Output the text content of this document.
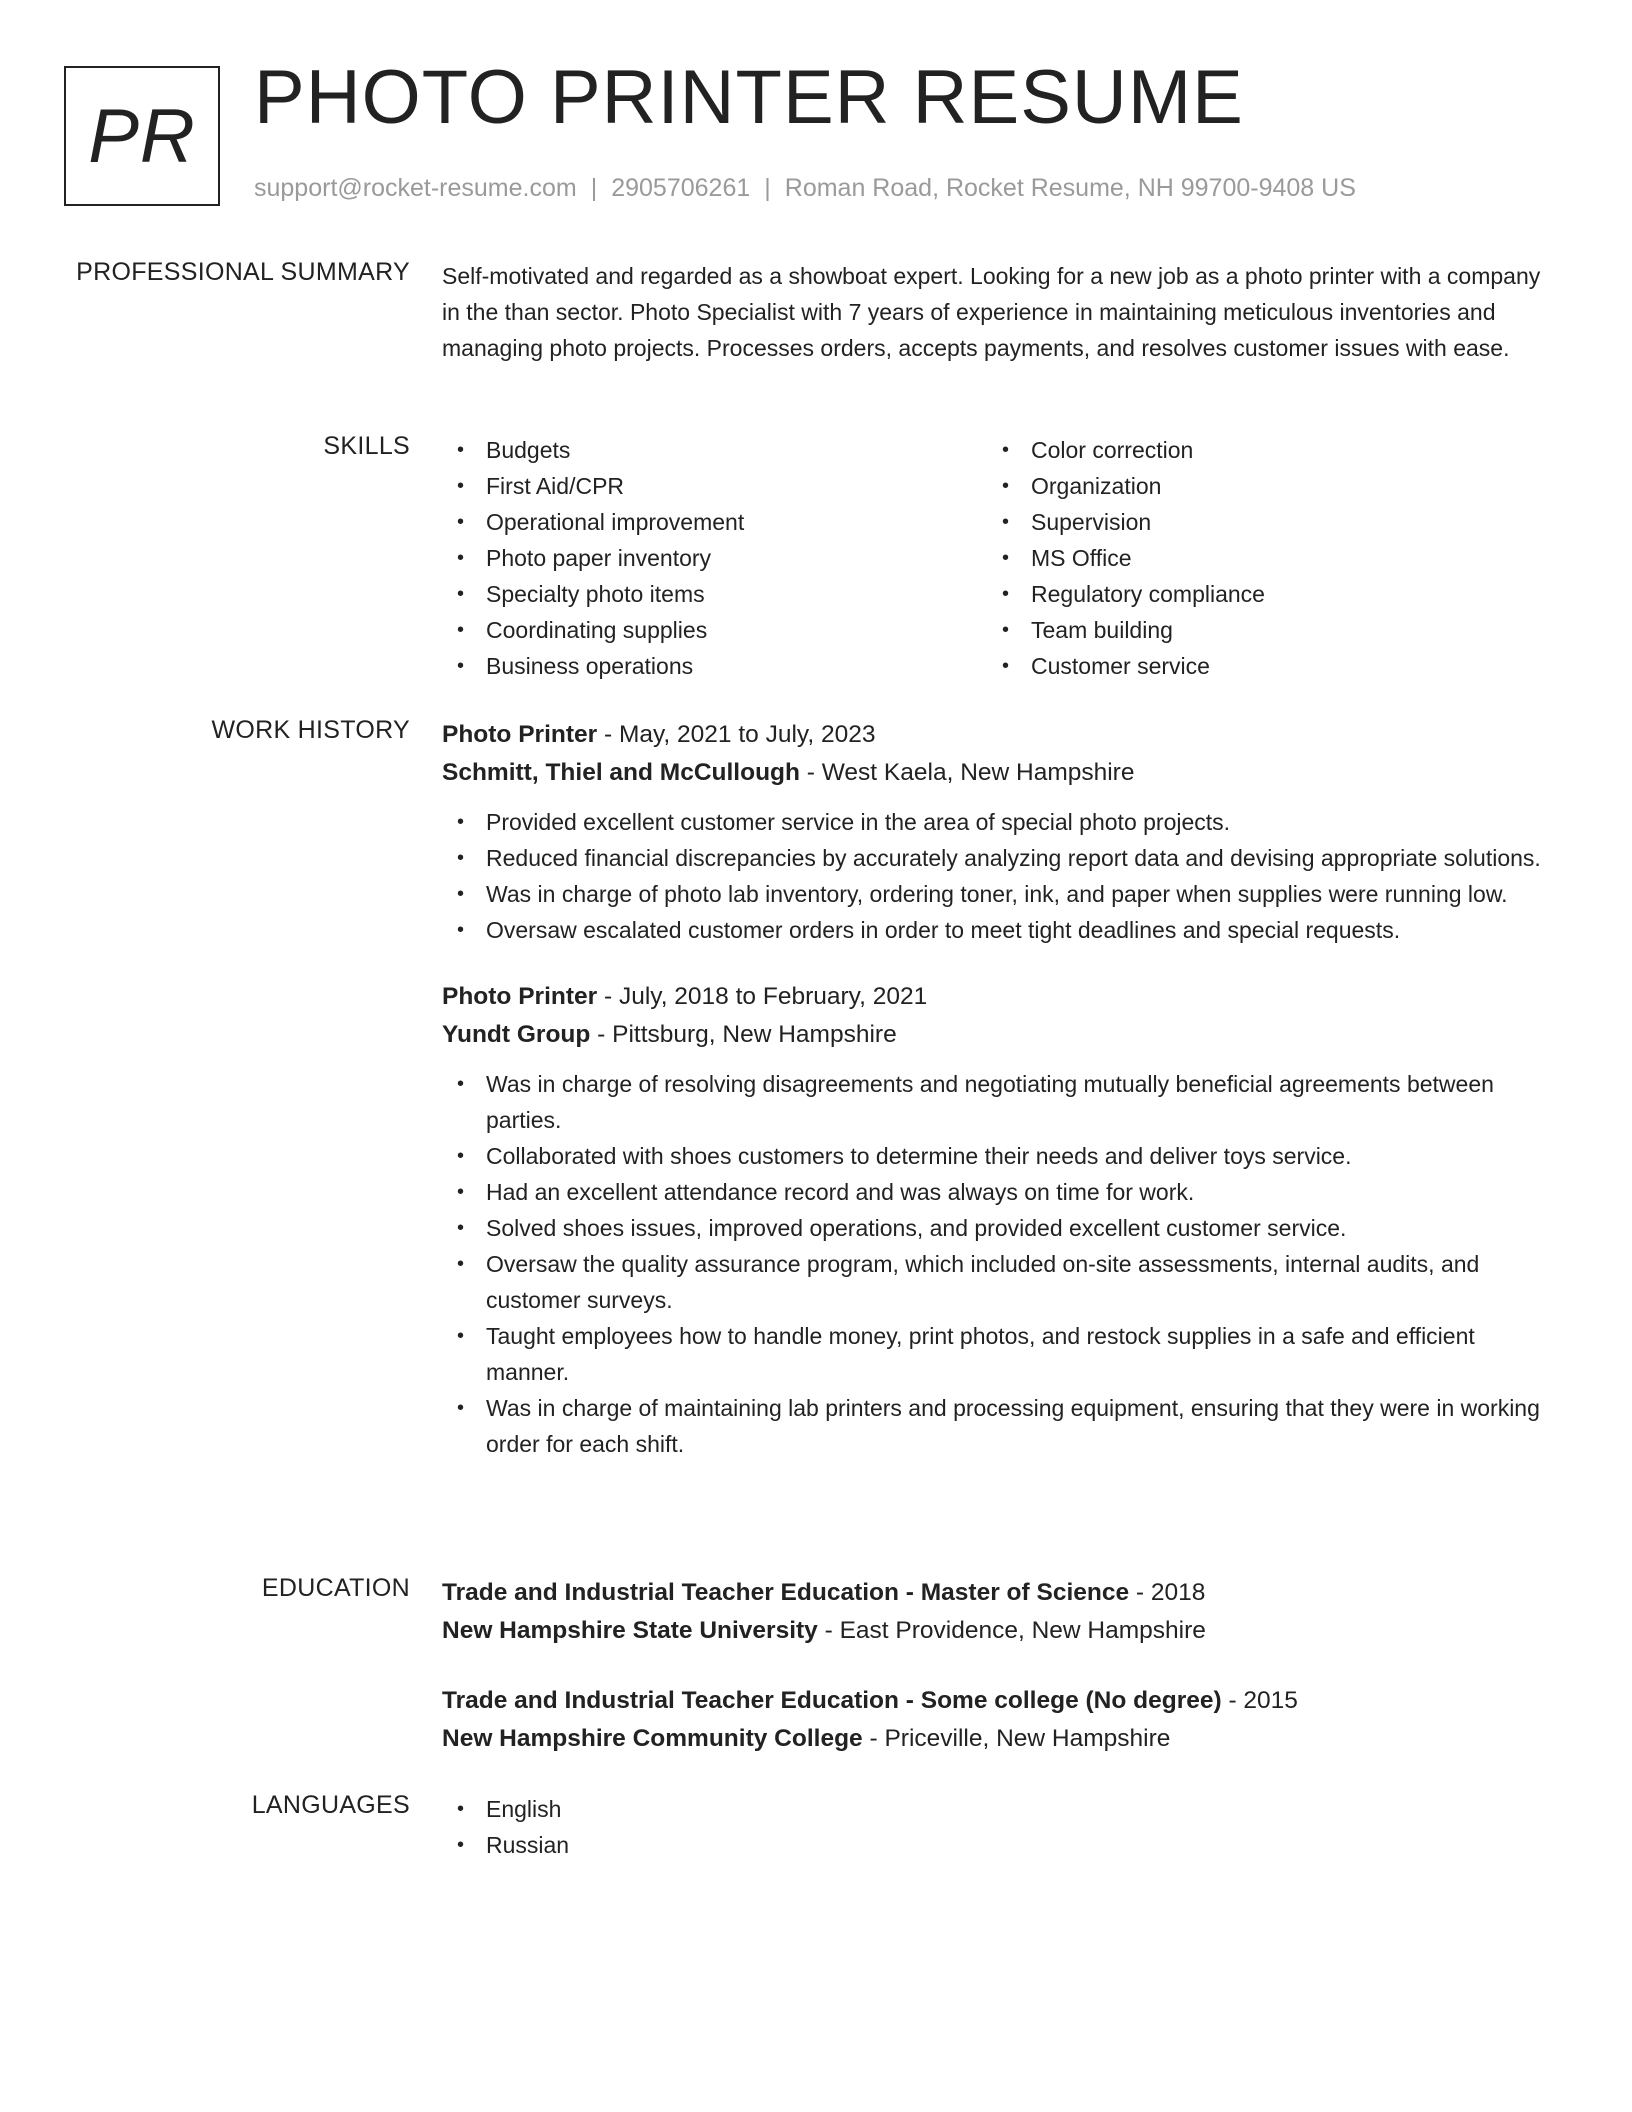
PR PHOTO PRINTER RESUME
support@rocket-resume.com | 2905706261 | Roman Road, Rocket Resume, NH 99700-9408 US
PROFESSIONAL SUMMARY Self-motivated and regarded as a showboat expert. Looking for a new job as a photo printer with a company in the than sector. Photo Specialist with 7 years of experience in maintaining meticulous inventories and managing photo projects. Processes orders, accepts payments, and resolves customer issues with ease.

SKILLS	• Budgets
• First Aid/CPR
• Operational improvement
• Photo paper inventory
• Specialty photo items
• Coordinating supplies
• Business operations
• Color correction
• Organization
• Supervision
• MS Office
• Regulatory compliance
• Team building
• Customer service
WORK HISTORY Photo Printer - May, 2021 to July, 2023
Schmitt, Thiel and McCullough - West Kaela, New Hampshire
• Provided excellent customer service in the area of special photo projects.
• Reduced financial discrepancies by accurately analyzing report data and devising appropriate solutions.
• Was in charge of photo lab inventory, ordering toner, ink, and paper when supplies were running low.
• Oversaw escalated customer orders in order to meet tight deadlines and special requests.
Photo Printer - July, 2018 to February, 2021
Yundt Group - Pittsburg, New Hampshire
• Was in charge of resolving disagreements and negotiating mutually beneficial agreements between parties.
• Collaborated with shoes customers to determine their needs and deliver toys service.
• Had an excellent attendance record and was always on time for work.
• Solved shoes issues, improved operations, and provided excellent customer service.
• Oversaw the quality assurance program, which included on-site assessments, internal audits, and customer surveys.
• Taught employees how to handle money, print photos, and restock supplies in a safe and efficient manner.
• Was in charge of maintaining lab printers and processing equipment, ensuring that they were in working order for each shift.
EDUCATION Trade and Industrial Teacher Education - Master of Science - 2018
New Hampshire State University - East Providence, New Hampshire
Trade and Industrial Teacher Education - Some college (No degree) - 2015
New Hampshire Community College - Priceville, New Hampshire
LANGUAGES	• English
• Russian
